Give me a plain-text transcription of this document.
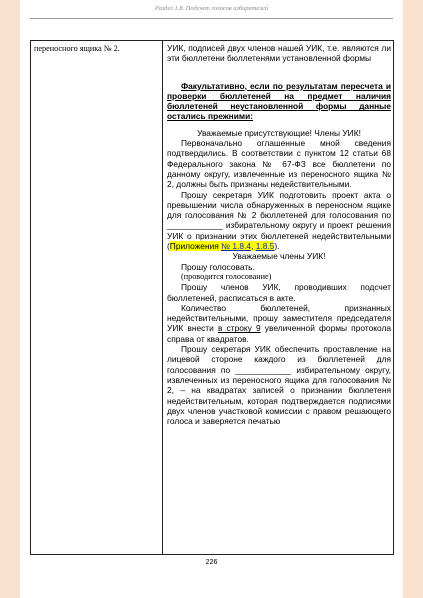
Раздел 1.8. Подсчет голосов избирателей
переносного ящика № 2.	УИК, подписей двух членов нашей УИК, т.е. являются ли эти бюллетени бюллетенями установленной формы

Факультативно, если по результатам пересчета и проверки бюллетеней на предмет наличия бюллетеней неустановленной формы данные остались прежними:

Уважаемые присутствующие! Члены УИК!

Первоначально оглашенные мной сведения подтвердились. В соответствии с пунктом 12 статьи 68 Федерального закона № 67-ФЗ все бюллетени по данному округу, извлеченные из переносного ящика № 2, должны быть признаны недействительными.

Прошу секретаря УИК подготовить проект акта о превышении числа обнаруженных в переносном ящике для голосования № 2 бюллетеней для голосования по ____________ избирательному округу и проект решения УИК о признании этих бюллетеней недействительными (Приложения № 1.8.4, 1.8.5).

Уважаемые члены УИК!

Прошу голосовать.

(проводится голосование)

Прошу членов УИК, проводивших подсчет бюллетеней, расписаться в акте.

Количество бюллетеней, признанных недействительными, прошу заместителя председателя УИК внести в строку 9 увеличенной формы протокола справа от квадратов.

Прошу секретаря УИК обеспечить проставление на лицевой стороне каждого из бюллетеней для голосования по ____________ избирательному округу, извлеченных из переносного ящика для голосования № 2, – на квадратах записей о признании бюллетеня недействительным, которая подтверждается подписями двух членов участковой комиссии с правом решающего голоса и заверяется печатью

226
